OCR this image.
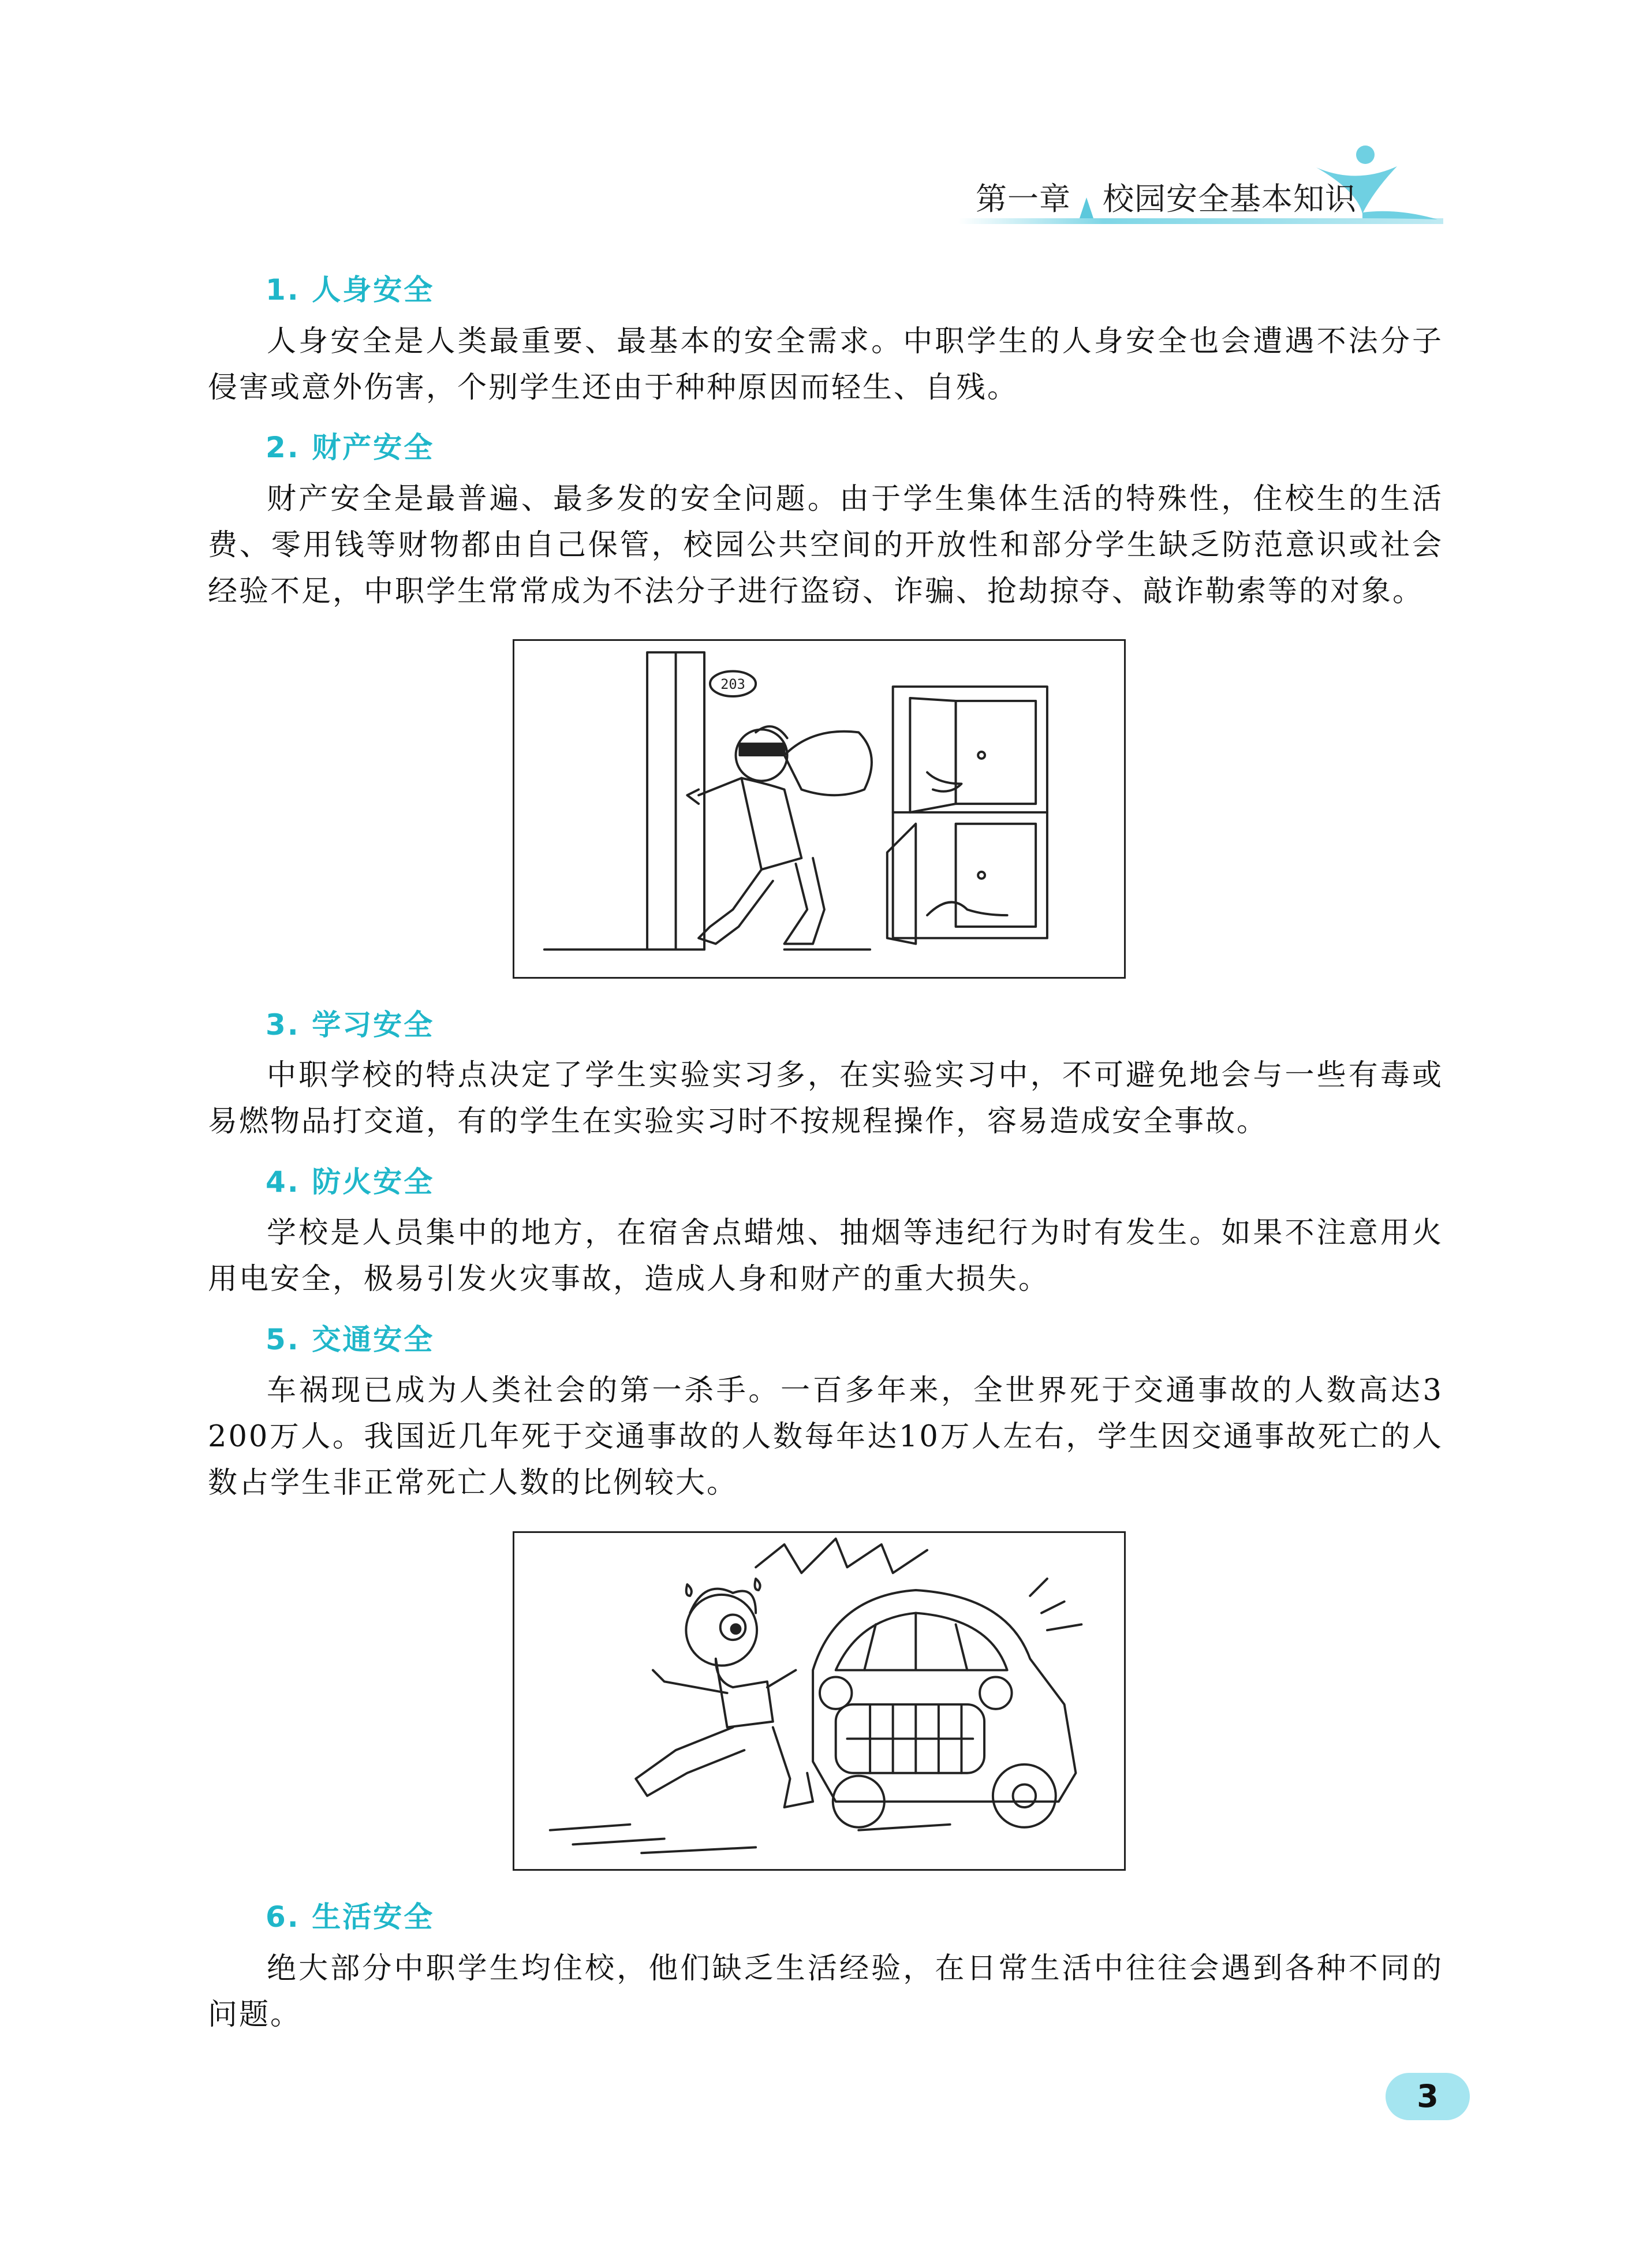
第一章 校园安全基本知识
1. 人身安全
人身安全是人类最重要、最基本的安全需求。中职学生的人身安全也会遭遇不法分子侵害或意外伤害，个别学生还由于种种原因而轻生、自残。
2. 财产安全
财产安全是最普遍、最多发的安全问题。由于学生集体生活的特殊性，住校生的生活费、零用钱等财物都由自己保管，校园公共空间的开放性和部分学生缺乏防范意识或社会经验不足，中职学生常常成为不法分子进行盗窃、诈骗、抢劫掠夺、敲诈勒索等的对象。
203
3. 学习安全
中职学校的特点决定了学生实验实习多，在实验实习中，不可避免地会与一些有毒或易燃物品打交道，有的学生在实验实习时不按规程操作，容易造成安全事故。
4. 防火安全
学校是人员集中的地方，在宿舍点蜡烛、抽烟等违纪行为时有发生。如果不注意用火用电安全，极易引发火灾事故，造成人身和财产的重大损失。
5. 交通安全
车祸现已成为人类社会的第一杀手。一百多年来，全世界死于交通事故的人数高达3 200万人。我国近几年死于交通事故的人数每年达10万人左右，学生因交通事故死亡的人数占学生非正常死亡人数的比例较大。
6. 生活安全
绝大部分中职学生均住校，他们缺乏生活经验，在日常生活中往往会遇到各种不同的问题。
3
